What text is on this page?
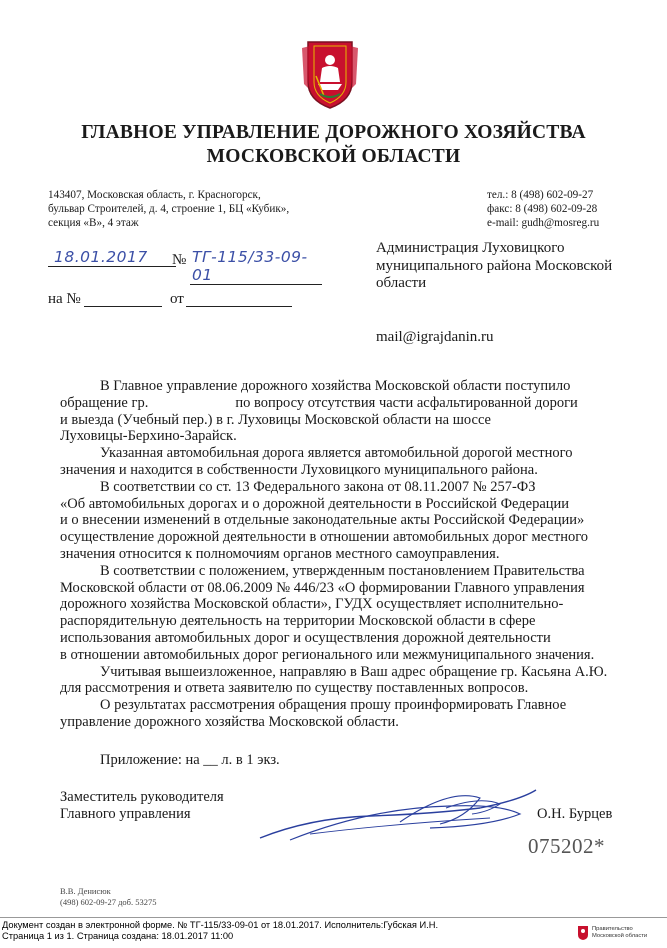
ГЛАВНОЕ УПРАВЛЕНИЕ ДОРОЖНОГО ХОЗЯЙСТВА
МОСКОВСКОЙ ОБЛАСТИ
143407, Московская область, г. Красногорск,
бульвар Строителей, д. 4, строение 1, БЦ «Кубик»,
секция «В», 4 этаж
тел.: 8 (498) 602-09-27
факс: 8 (498) 602-09-28
e-mail: gudh@mosreg.ru
18.01.2017	№ ТГ-115/33-09-01
на №	от
Администрация Луховицкого
муниципального района Московской
области
mail@igrajdanin.ru

В Главное управление дорожного хозяйства Московской области поступило

обращение гр.                        по вопросу отсутствия части асфальтированной дороги
и выезда (Учебный пер.) в г. Луховицы Московской области на шоссе
Луховицы-Берхино-Зарайск.
Указанная автомобильная дорога является автомобильной дорогой местного
значения и находится в собственности Луховицкого муниципального района.
В соответствии со ст. 13 Федерального закона от 08.11.2007 № 257-ФЗ
«Об автомобильных дорогах и о дорожной деятельности в Российской Федерации
и о внесении изменений в отдельные законодательные акты Российской Федерации»
осуществление дорожной деятельности в отношении автомобильных дорог местного
значения относится к полномочиям органов местного самоуправления.
В соответствии с положением, утвержденным постановлением Правительства
Московской области от 08.06.2009 № 446/23 «О формировании Главного управления
дорожного хозяйства Московской области», ГУДХ осуществляет исполнительно-
распорядительную деятельность на территории Московской области в сфере
использования автомобильных дорог и осуществления дорожной деятельности
в отношении автомобильных дорог регионального или межмуниципального значения.
Учитывая вышеизложенное, направляю в Ваш адрес обращение гр. Касьяна А.Ю.
для рассмотрения и ответа заявителю по существу поставленных вопросов.
О результатах рассмотрения обращения прошу проинформировать Главное
управление дорожного хозяйства Московской области.
Приложение: на __ л. в 1 экз.
Заместитель руководителя
Главного управления	О.Н. Бурцев
075202*
В.В. Денисюк
(498) 602-09-27 доб. 53275
Документ создан в электронной форме. № ТГ-115/33-09-01 от 18.01.2017. Исполнитель:Губская И.Н.
Страница 1 из 1. Страница создана: 18.01.2017 11:00
Правительство
Московской области
